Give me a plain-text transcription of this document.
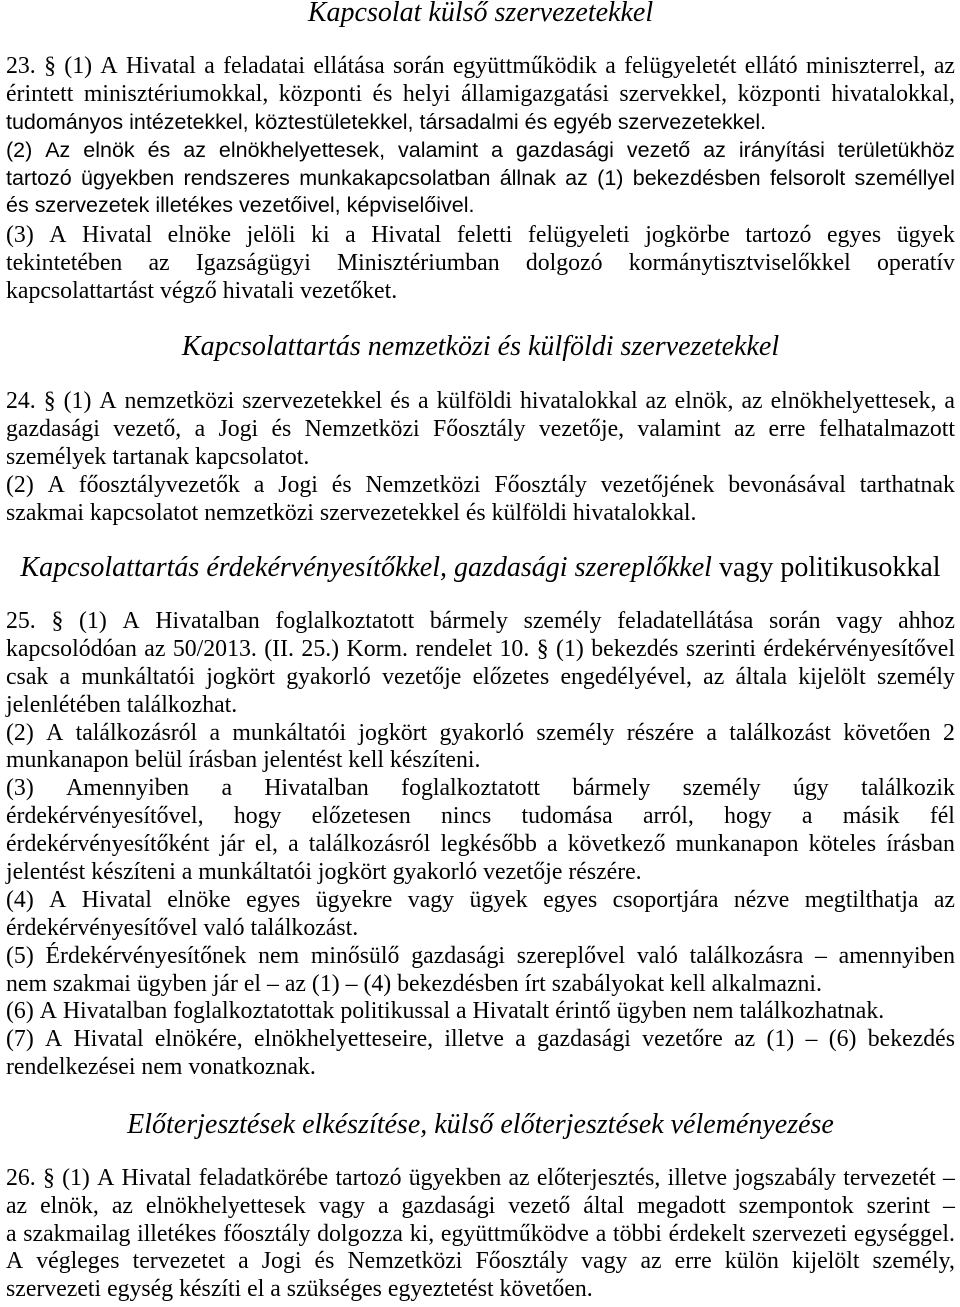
Kapcsolat külső szervezetekkel
23. § (1) A Hivatal a feladatai ellátása során együttműködik a felügyeletét ellátó miniszterrel, az
érintett minisztériumokkal, központi és helyi államigazgatási szervekkel, központi hivatalokkal,
tudományos intézetekkel, köztestületekkel, társadalmi és egyéb szervezetekkel.
(2) Az elnök és az elnökhelyettesek, valamint a gazdasági vezető az irányítási területükhöz
tartozó ügyekben rendszeres munkakapcsolatban állnak az (1) bekezdésben felsorolt személlyel
és szervezetek illetékes vezetőivel, képviselőivel.
(3) A Hivatal elnöke jelöli ki a Hivatal feletti felügyeleti jogkörbe tartozó egyes ügyek
tekintetében az Igazságügyi Minisztériumban dolgozó kormánytisztviselőkkel operatív
kapcsolattartást végző hivatali vezetőket.
Kapcsolattartás nemzetközi és külföldi szervezetekkel
24. § (1) A nemzetközi szervezetekkel és a külföldi hivatalokkal az elnök, az elnökhelyettesek, a
gazdasági vezető, a Jogi és Nemzetközi Főosztály vezetője, valamint az erre felhatalmazott
személyek tartanak kapcsolatot.
(2) A főosztályvezetők a Jogi és Nemzetközi Főosztály vezetőjének bevonásával tarthatnak
szakmai kapcsolatot nemzetközi szervezetekkel és külföldi hivatalokkal.
Kapcsolattartás érdekérvényesítőkkel, gazdasági szereplőkkel vagy politikusokkal
25. § (1) A Hivatalban foglalkoztatott bármely személy feladatellátása során vagy ahhoz
kapcsolódóan az 50/2013. (II. 25.) Korm. rendelet 10. § (1) bekezdés szerinti érdekérvényesítővel
csak a munkáltatói jogkört gyakorló vezetője előzetes engedélyével, az általa kijelölt személy
jelenlétében találkozhat.
(2) A találkozásról a munkáltatói jogkört gyakorló személy részére a találkozást követően 2
munkanapon belül írásban jelentést kell készíteni.
(3) Amennyiben a Hivatalban foglalkoztatott bármely személy úgy találkozik
érdekérvényesítővel, hogy előzetesen nincs tudomása arról, hogy a másik fél
érdekérvényesítőként jár el, a találkozásról legkésőbb a következő munkanapon köteles írásban
jelentést készíteni a munkáltatói jogkört gyakorló vezetője részére.
(4) A Hivatal elnöke egyes ügyekre vagy ügyek egyes csoportjára nézve megtilthatja az
érdekérvényesítővel való találkozást.
(5) Érdekérvényesítőnek nem minősülő gazdasági szereplővel való találkozásra – amennyiben
nem szakmai ügyben jár el – az (1) – (4) bekezdésben írt szabályokat kell alkalmazni.
(6) A Hivatalban foglalkoztatottak politikussal a Hivatalt érintő ügyben nem találkozhatnak.
(7) A Hivatal elnökére, elnökhelyetteseire, illetve a gazdasági vezetőre az (1) – (6) bekezdés
rendelkezései nem vonatkoznak.
Előterjesztések elkészítése, külső előterjesztések véleményezése
26. § (1) A Hivatal feladatkörébe tartozó ügyekben az előterjesztés, illetve jogszabály tervezetét –
az elnök, az elnökhelyettesek vagy a gazdasági vezető által megadott szempontok szerint –
a szakmailag illetékes főosztály dolgozza ki, együttműködve a többi érdekelt szervezeti egységgel.
A végleges tervezetet a Jogi és Nemzetközi Főosztály vagy az erre külön kijelölt személy,
szervezeti egység készíti el a szükséges egyeztetést követően.
